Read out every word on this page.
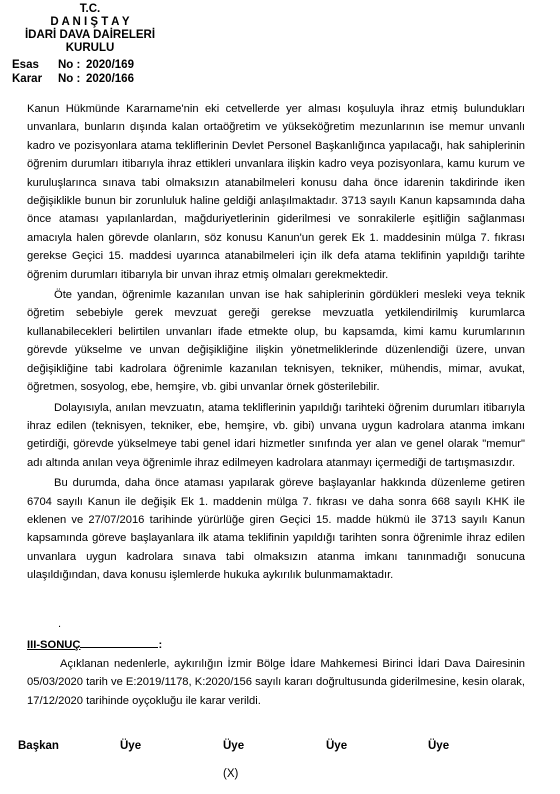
T.C.
D A N I Ş T A Y
İDARİ DAVA DAİRELERİ
KURULU
Esas No : 2020/169
Karar No : 2020/166

Kanun Hükmünde Kararname'nin eki cetvellerde yer alması koşuluyla ihraz etmiş bulundukları unvanlara, bunların dışında kalan ortaöğretim ve yükseköğretim mezunlarının ise memur unvanlı kadro ve pozisyonlara atama tekliflerinin Devlet Personel Başkanlığınca yapılacağı, hak sahiplerinin öğrenim durumları itibarıyla ihraz ettikleri unvanlara ilişkin kadro veya pozisyonlara, kamu kurum ve kuruluşlarınca sınava tabi olmaksızın atanabilmeleri konusu daha önce idarenin takdirinde iken değişiklikle bunun bir zorunluluk haline geldiği anlaşılmaktadır. 3713 sayılı Kanun kapsamında daha önce ataması yapılanlardan, mağduriyetlerinin giderilmesi ve sonrakilerle eşitliğin sağlanması amacıyla halen görevde olanların, söz konusu Kanun'un gerek Ek 1. maddesinin mülga 7. fıkrası gerekse Geçici 15. maddesi uyarınca atanabilmeleri için ilk defa atama teklifinin yapıldığı tarihte öğrenim durumları itibarıyla bir unvan ihraz etmiş olmaları gerekmektedir.

Öte yandan, öğrenimle kazanılan unvan ise hak sahiplerinin gördükleri mesleki veya teknik öğretim sebebiyle gerek mevzuat gereği gerekse mevzuatla yetkilendirilmiş kurumlarca kullanabilecekleri belirtilen unvanları ifade etmekte olup, bu kapsamda, kimi kamu kurumlarının görevde yükselme ve unvan değişikliğine ilişkin yönetmeliklerinde düzenlendiği üzere, unvan değişikliğine tabi kadrolara öğrenimle kazanılan teknisyen, tekniker, mühendis, mimar, avukat, öğretmen, sosyolog, ebe, hemşire, vb. gibi unvanlar örnek gösterilebilir.

Dolayısıyla, anılan mevzuatın, atama tekliflerinin yapıldığı tarihteki öğrenim durumları itibarıyla ihraz edilen (teknisyen, tekniker, ebe, hemşire, vb. gibi) unvana uygun kadrolara atanma imkanı getirdiği, görevde yükselmeye tabi genel idari hizmetler sınıfında yer alan ve genel olarak "memur" adı altında anılan veya öğrenimle ihraz edilmeyen kadrolara atanmayı içermediği de tartışmasızdır.

Bu durumda, daha önce ataması yapılarak göreve başlayanlar hakkında düzenleme getiren 6704 sayılı Kanun ile değişik Ek 1. maddenin mülga 7. fıkrası ve daha sonra 668 sayılı KHK ile eklenen ve 27/07/2016 tarihinde yürürlüğe giren Geçici 15. madde hükmü ile 3713 sayılı Kanun kapsamında göreve başlayanlara ilk atama teklifinin yapıldığı tarihten sonra öğrenimle ihraz edilen unvanlara uygun kadrolara sınava tabi olmaksızın atanma imkanı tanınmadığı sonucuna ulaşıldığından, dava konusu işlemlerde hukuka aykırılık bulunmamaktadır.

.
III-SONUÇ	:

Açıklanan nedenlerle, aykırılığın İzmir Bölge İdare Mahkemesi Birinci İdari Dava Dairesinin 05/03/2020 tarih ve E:2019/1178, K:2020/156 sayılı kararı doğrultusunda giderilmesine, kesin olarak, 17/12/2020 tarihinde oyçokluğu ile karar verildi.

Başkan	Üye	Üye	Üye	Üye
(X)
